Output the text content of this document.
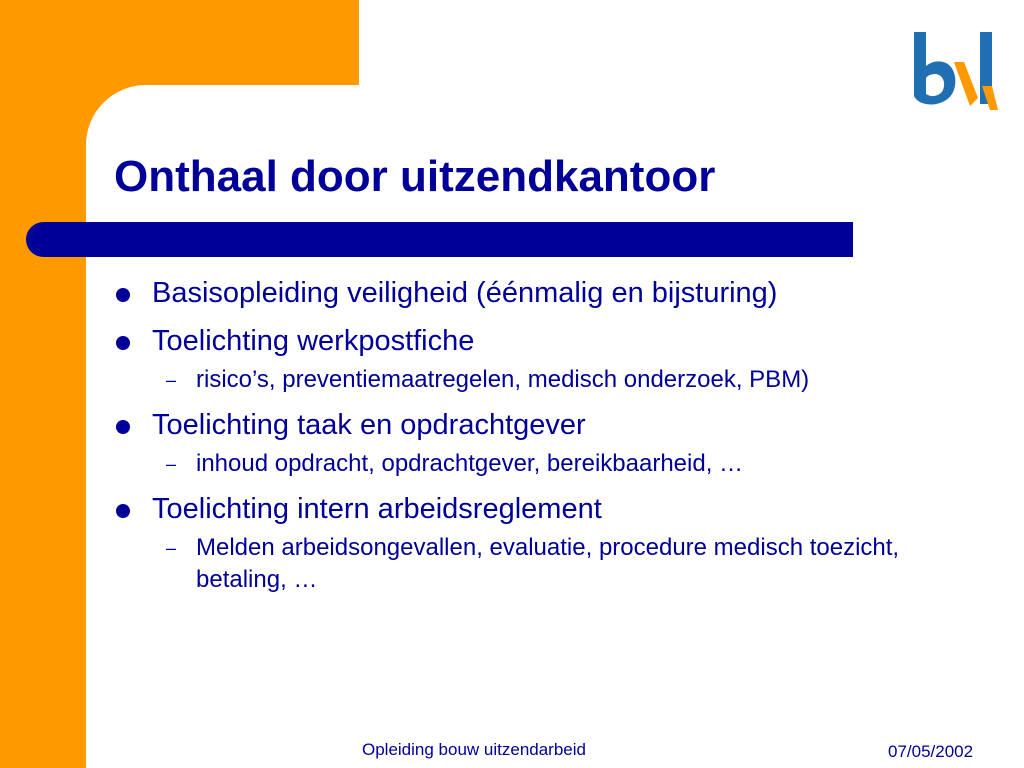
Onthaal door uitzendkantoor
Basisopleiding veiligheid (éénmalig en bijsturing)
Toelichting werkpostfiche
– risico’s, preventiemaatregelen, medisch onderzoek, PBM)
Toelichting taak en opdrachtgever
– inhoud opdracht, opdrachtgever, bereikbaarheid, …
Toelichting intern arbeidsreglement
– Melden arbeidsongevallen, evaluatie, procedure medisch toezicht, betaling, …
Opleiding bouw uitzendarbeid	07/05/2002
